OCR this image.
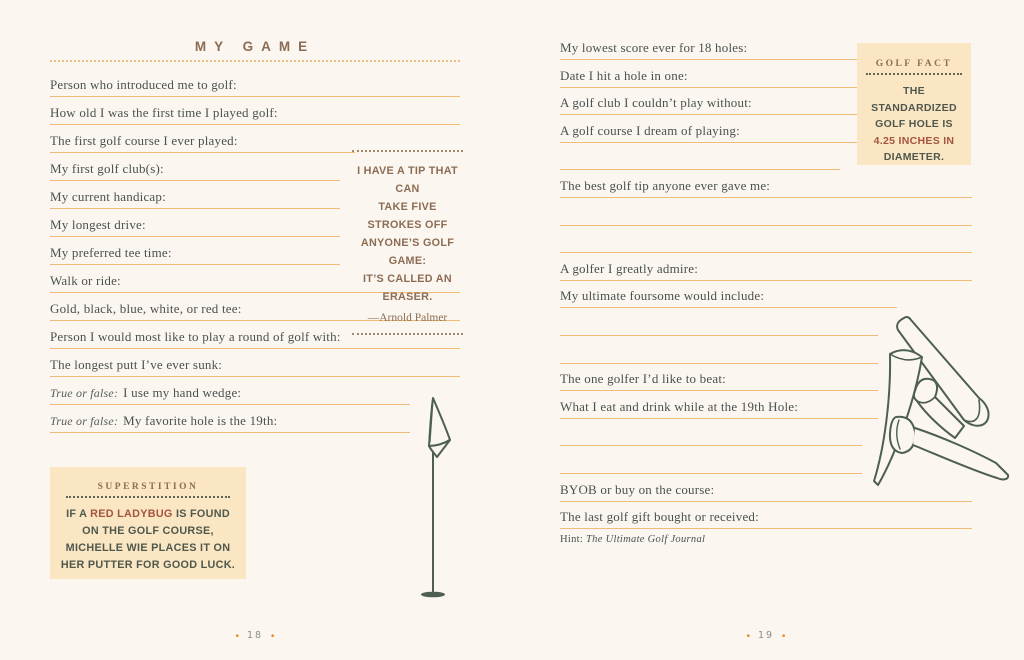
MY GAME
Person who introduced me to golf:
How old I was the first time I played golf:
The first golf course I ever played:
My first golf club(s):
My current handicap:
My longest drive:
My preferred tee time:
Walk or ride:
Gold, black, blue, white, or red tee:
Person I would most like to play a round of golf with:
The longest putt I’ve ever sunk:
True or false: I use my hand wedge:
True or false: My favorite hole is the 19th:
I HAVE A TIP THAT CAN
TAKE FIVE STROKES OFF
ANYONE’S GOLF GAME:
IT’S CALLED AN ERASER.
—Arnold Palmer
SUPERSTITION

IF A RED LADYBUG IS FOUND ON THE GOLF COURSE, MICHELLE WIE PLACES IT ON HER PUTTER FOR GOOD LUCK.

• 18 •
My lowest score ever for 18 holes:
Date I hit a hole in one:
A golf club I couldn’t play without:
A golf course I dream of playing:
The best golf tip anyone ever gave me:
A golfer I greatly admire:
My ultimate foursome would include:
The one golfer I’d like to beat:
What I eat and drink while at the 19th Hole:
BYOB or buy on the course:
The last golf gift bought or received:
GOLF FACT

THE STANDARDIZED GOLF HOLE IS 4.25 INCHES IN DIAMETER.

Hint: The Ultimate Golf Journal
• 19 •
